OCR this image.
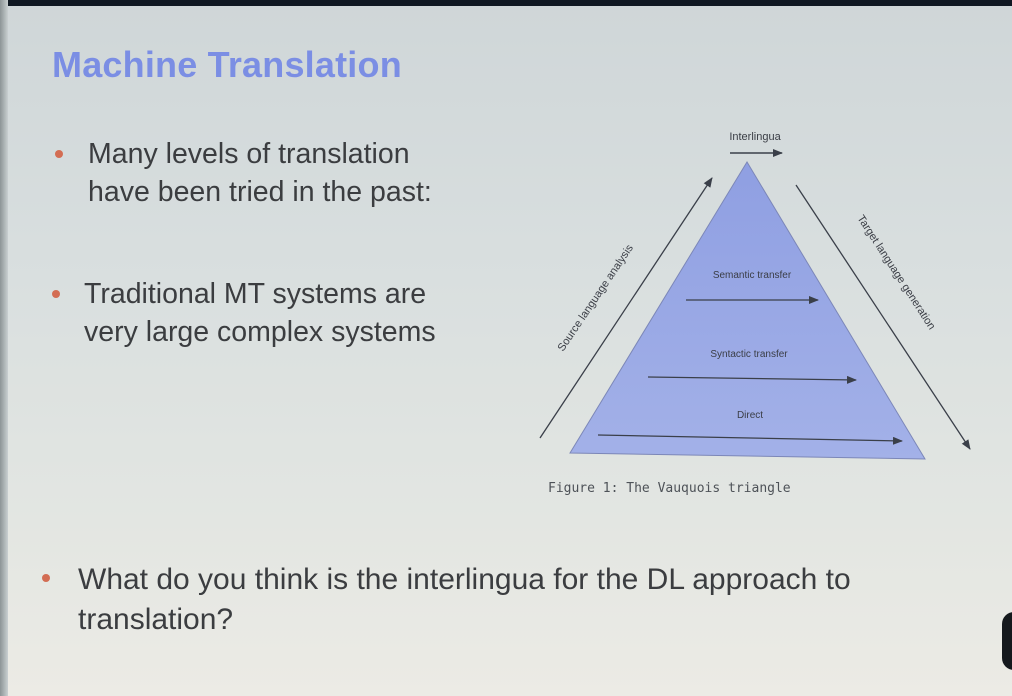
Machine Translation
Many levels of translation
have been tried in the past:
Traditional MT systems are
very large complex systems
What do you think is the interlingua for the DL approach to
translation?
Interlingua
Source language analysis	Target language generation
Semantic transfer
Syntactic transfer
Direct
Figure 1: The Vauquois triangle
